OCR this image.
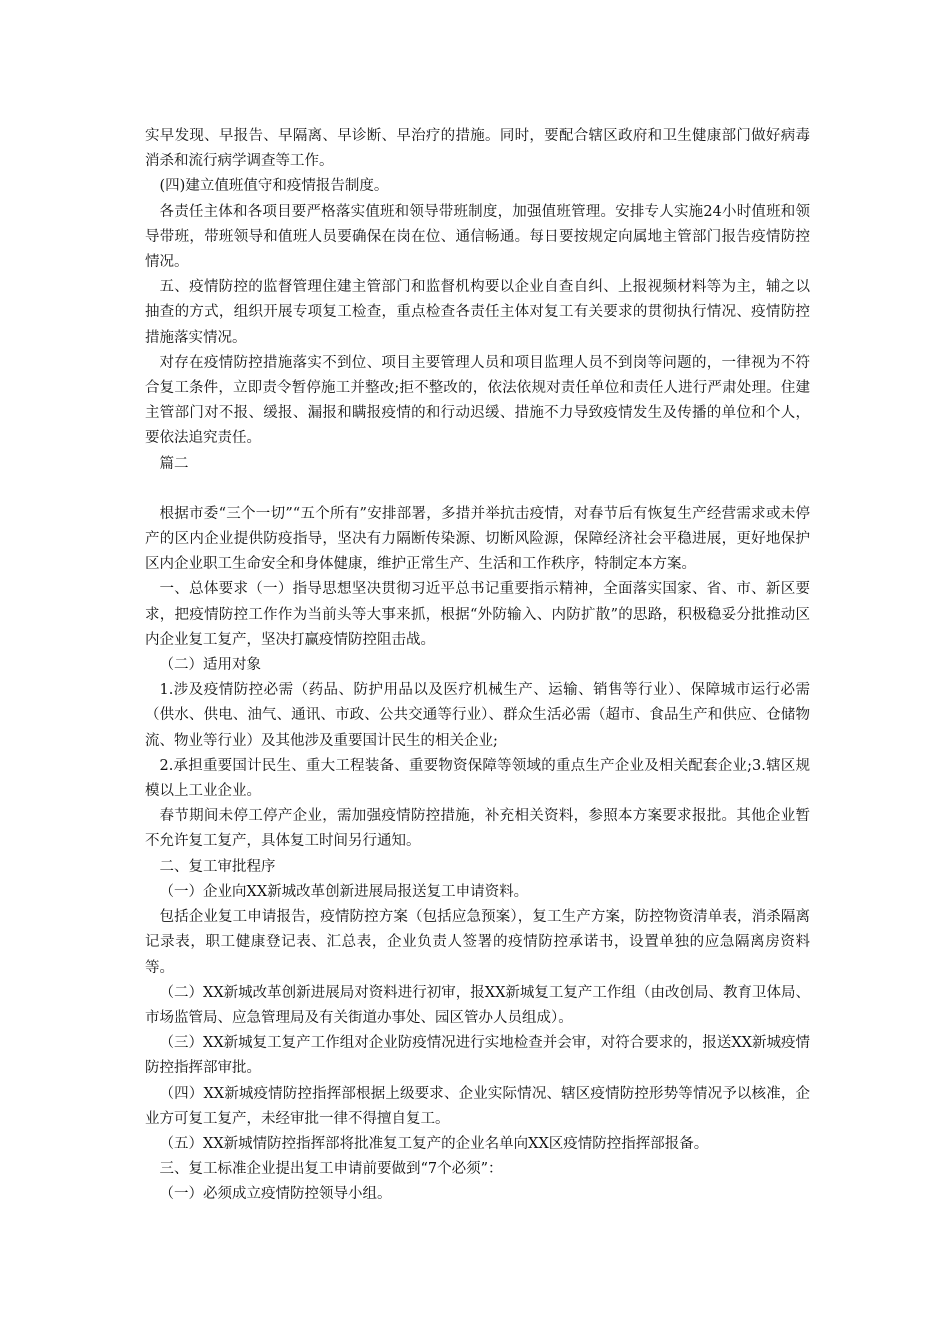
实早发现、早报告、早隔离、早诊断、早治疗的措施。同时，要配合辖区政府和卫生健康部门做好病毒消杀和流行病学调查等工作。

(四)建立值班值守和疫情报告制度。

各责任主体和各项目要严格落实值班和领导带班制度，加强值班管理。安排专人实施24小时值班和领导带班，带班领导和值班人员要确保在岗在位、通信畅通。每日要按规定向属地主管部门报告疫情防控情况。

五、疫情防控的监督管理住建主管部门和监督机构要以企业自查自纠、上报视频材料等为主，辅之以抽查的方式，组织开展专项复工检查，重点检查各责任主体对复工有关要求的贯彻执行情况、疫情防控措施落实情况。

对存在疫情防控措施落实不到位、项目主要管理人员和项目监理人员不到岗等问题的，一律视为不符合复工条件，立即责令暂停施工并整改;拒不整改的，依法依规对责任单位和责任人进行严肃处理。住建主管部门对不报、缓报、漏报和瞒报疫情的和行动迟缓、措施不力导致疫情发生及传播的单位和个人，要依法追究责任。

篇二

根据市委“三个一切”“五个所有”安排部署，多措并举抗击疫情，对春节后有恢复生产经营需求或未停产的区内企业提供防疫指导，坚决有力隔断传染源、切断风险源，保障经济社会平稳进展，更好地保护区内企业职工生命安全和身体健康，维护正常生产、生活和工作秩序，特制定本方案。

一、总体要求（一）指导思想坚决贯彻习近平总书记重要指示精神，全面落实国家、省、市、新区要求，把疫情防控工作作为当前头等大事来抓，根据“外防输入、内防扩散”的思路，积极稳妥分批推动区内企业复工复产，坚决打赢疫情防控阻击战。

（二）适用对象

1.涉及疫情防控必需（药品、防护用品以及医疗机械生产、运输、销售等行业）、保障城市运行必需（供水、供电、油气、通讯、市政、公共交通等行业）、群众生活必需（超市、食品生产和供应、仓储物流、物业等行业）及其他涉及重要国计民生的相关企业;

2.承担重要国计民生、重大工程装备、重要物资保障等领域的重点生产企业及相关配套企业;3.辖区规模以上工业企业。

春节期间未停工停产企业，需加强疫情防控措施，补充相关资料，参照本方案要求报批。其他企业暂不允许复工复产，具体复工时间另行通知。

二、复工审批程序

（一）企业向XX新城改革创新进展局报送复工申请资料。

包括企业复工申请报告，疫情防控方案（包括应急预案），复工生产方案，防控物资清单表，消杀隔离记录表，职工健康登记表、汇总表，企业负责人签署的疫情防控承诺书，设置单独的应急隔离房资料等。

（二）XX新城改革创新进展局对资料进行初审，报XX新城复工复产工作组（由改创局、教育卫体局、市场监管局、应急管理局及有关街道办事处、园区管办人员组成）。

（三）XX新城复工复产工作组对企业防疫情况进行实地检查并会审，对符合要求的，报送XX新城疫情防控指挥部审批。

（四）XX新城疫情防控指挥部根据上级要求、企业实际情况、辖区疫情防控形势等情况予以核准，企业方可复工复产，未经审批一律不得擅自复工。

（五）XX新城情防控指挥部将批准复工复产的企业名单向XX区疫情防控指挥部报备。

三、复工标准企业提出复工申请前要做到“7个必须”：

（一）必须成立疫情防控领导小组。
